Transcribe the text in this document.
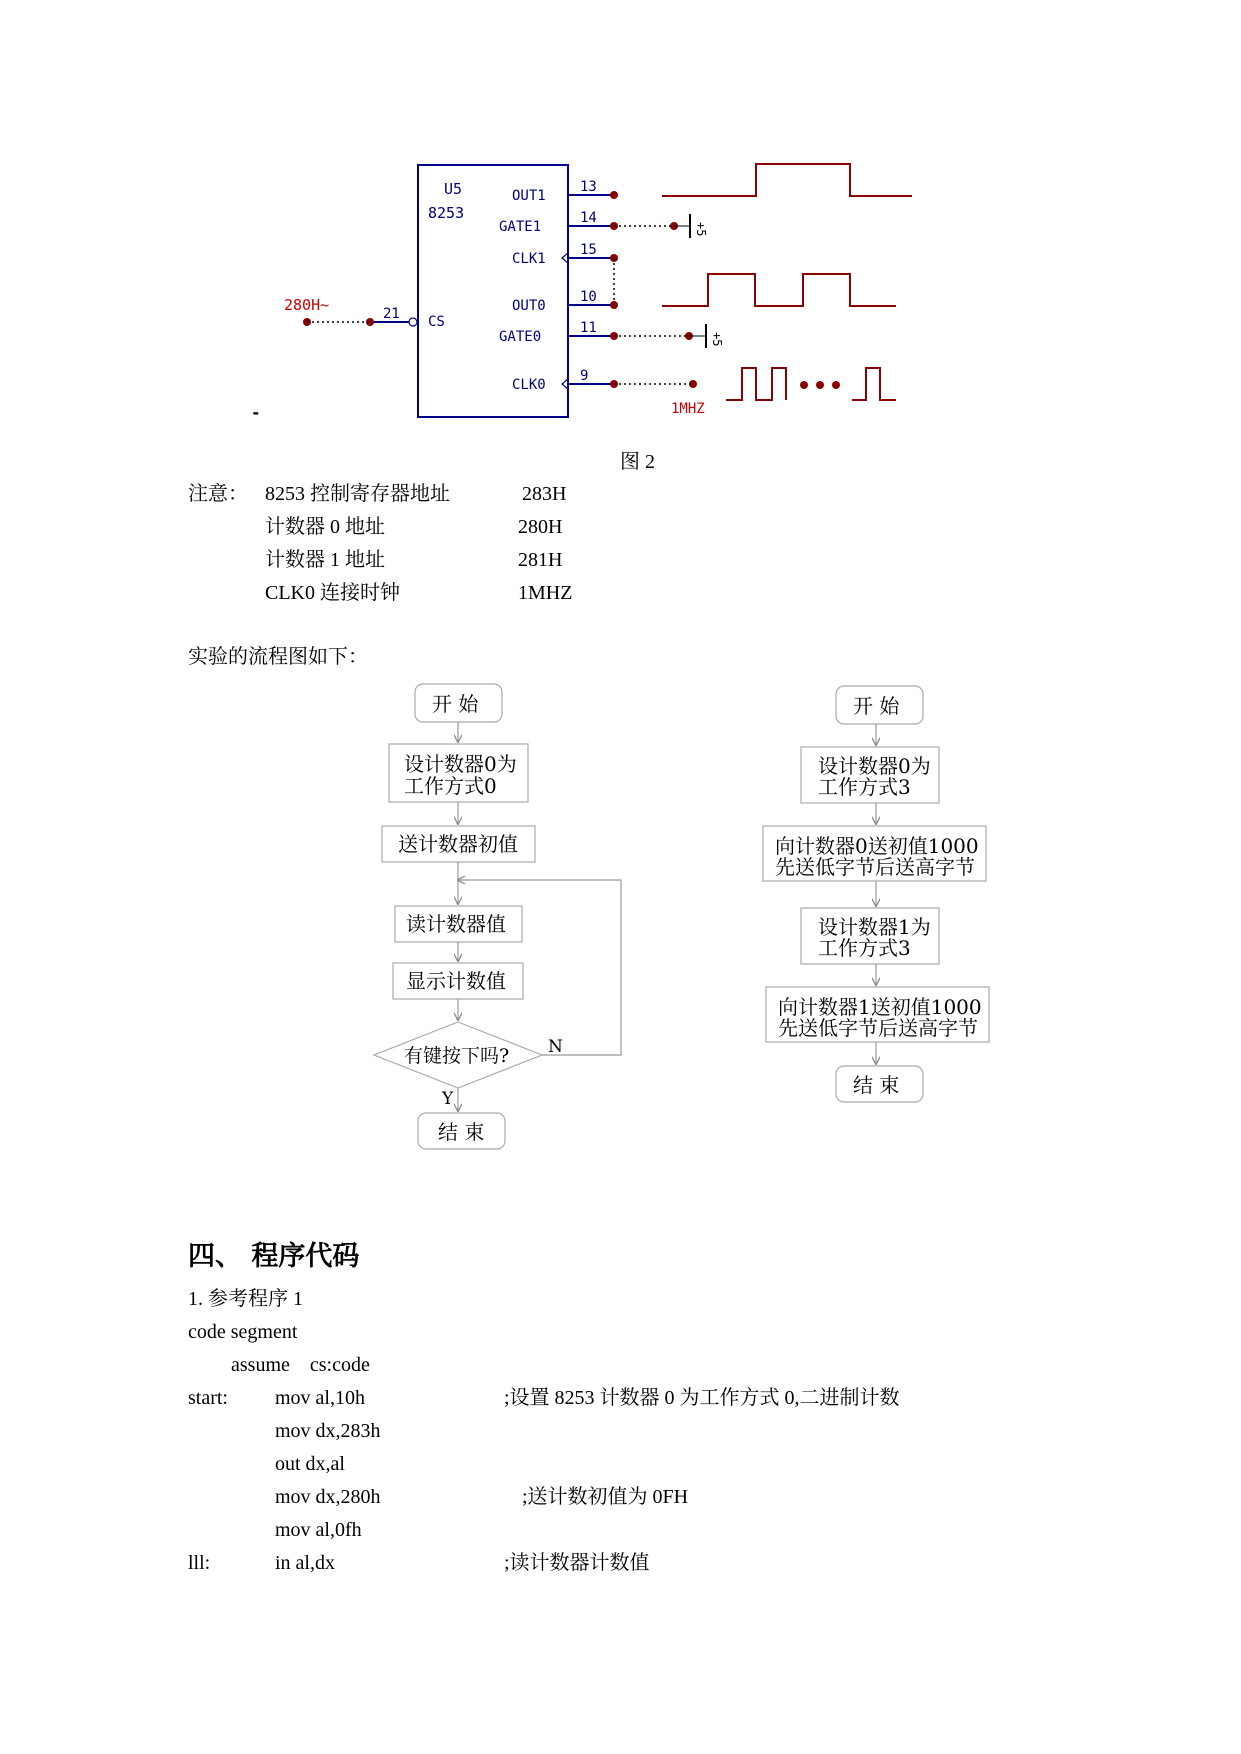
U5
8253
OUT1
GATE1
CLK1
OUT0
GATE0
CLK0
CS
13
14
15
10
11
9
21
+5
+5
280H~
1MHZ
-
图 2
注意： 8253 控制寄存器地址	283H
计数器 0 地址	280H
计数器 1 地址	281H
CLK0 连接时钟	1MHZ
实验的流程图如下：
开 始
设计数器0为
工作方式0
送计数器初值
读计数器值
显示计数值
有键按下吗? N
Y
结 束
开 始
设计数器0为
工作方式3
向计数器0送初值1000
先送低字节后送高字节
设计数器1为
工作方式3
向计数器1送初值1000
先送低字节后送高字节
结 束
四、 程序代码
1. 参考程序 1
code segment
assume    cs:code
start: mov al,10h	;设置 8253 计数器 0 为工作方式 0,二进制计数
mov dx,283h
out dx,al
mov dx,280h	;送计数初值为 0FH
mov al,0fh
lll:	in al,dx	;读计数器计数值
